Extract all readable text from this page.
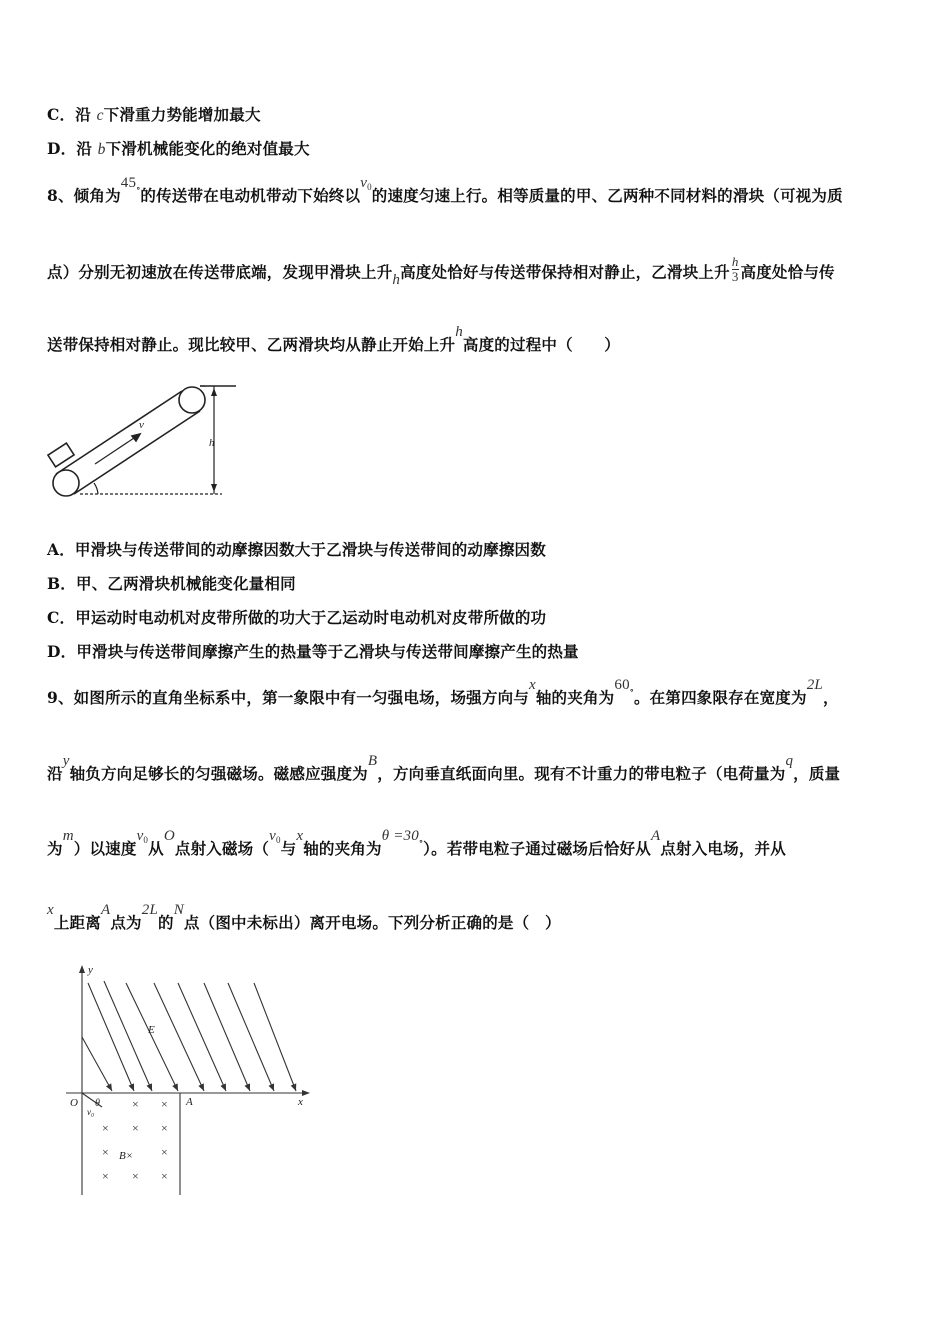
C．沿 c下滑重力势能增加最大
D．沿 b下滑机械能变化的绝对值最大
8、倾角为45°的传送带在电动机带动下始终以$v_0$的速度匀速上行。相等质量的甲、乙两种不同材料的滑块（可视为质
点）分别无初速放在传送带底端，发现甲滑块上升h高度处恰好与传送带保持相对静止，乙滑块上升 $\frac{h}{3}$ 高度处恰与传
送带保持相对静止。现比较甲、乙两滑块均从静止开始上升h高度的过程中（　　）
h
v
A．甲滑块与传送带间的动摩擦因数大于乙滑块与传送带间的动摩擦因数
B．甲、乙两滑块机械能变化量相同
C．甲运动时电动机对皮带所做的功大于乙运动时电动机对皮带所做的功
D．甲滑块与传送带间摩擦产生的热量等于乙滑块与传送带间摩擦产生的热量
9、如图所示的直角坐标系中，第一象限中有一匀强电场，场强方向与x轴的夹角为60°。在第四象限存在宽度为2L，
沿y轴负方向足够长的匀强磁场。磁感应强度为B，方向垂直纸面向里。现有不计重力的带电粒子（电荷量为q，质量
为m）以速度$v_0$从O点射入磁场（$v_0$与x轴的夹角为θ =30°）。若带电粒子通过磁场后恰好从A点射入电场，并从
x上距离A点为2L的N点（图中未标出）离开电场。下列分析正确的是（　）
× ×
× × ×
×	×
× × ×
y
x
E
O	A
B×
θ
v₀
